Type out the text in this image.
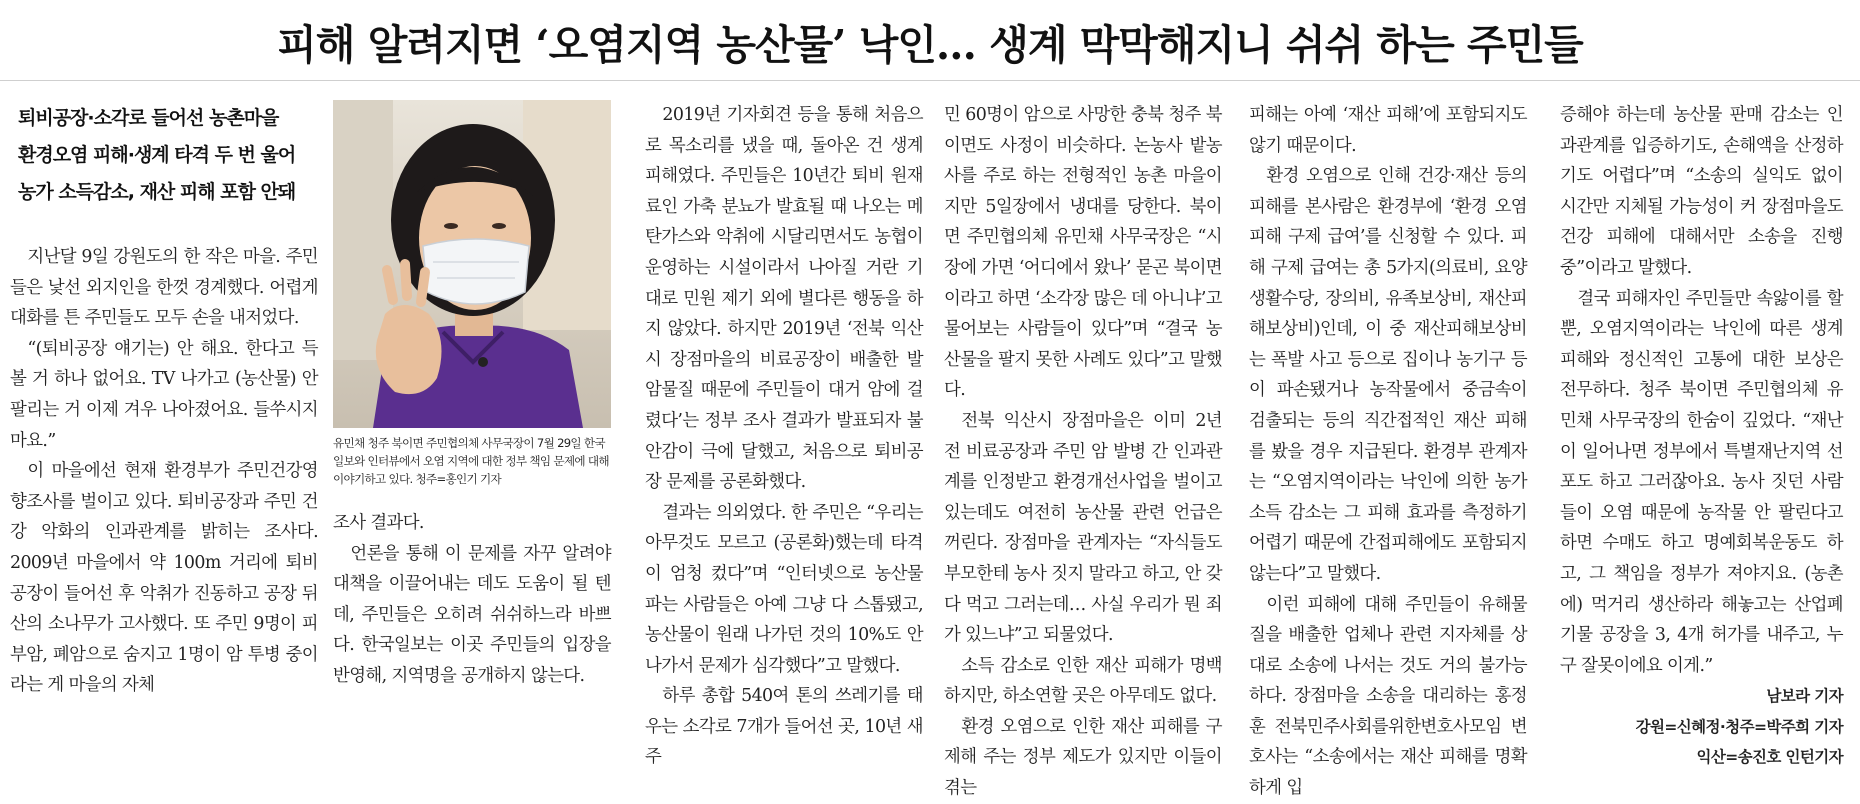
피해 알려지면 ‘오염지역 농산물’ 낙인… 생계 막막해지니 쉬쉬 하는 주민들
퇴비공장·소각로 들어선 농촌마을
환경오염 피해·생계 타격 두 번 울어
농가 소득감소, 재산 피해 포함 안돼

지난달 9일 강원도의 한 작은 마을. 주민들은 낯선 외지인을 한껏 경계했다. 어렵게 대화를 튼 주민들도 모두 손을 내저었다.

“(퇴비공장 얘기는) 안 해요. 한다고 득 볼 거 하나 없어요. TV 나가고 (농산물) 안 팔리는 거 이제 겨우 나아졌어요. 들쑤시지 마요.”

이 마을에선 현재 환경부가 주민건강영향조사를 벌이고 있다. 퇴비공장과 주민 건강 악화의 인과관계를 밝히는 조사다. 2009년 마을에서 약 100m 거리에 퇴비공장이 들어선 후 악취가 진동하고 공장 뒤 산의 소나무가 고사했다. 또 주민 9명이 피부암, 폐암으로 숨지고 1명이 암 투병 중이라는 게 마을의 자체

유민채 청주 북이면 주민협의체 사무국장이 7월 29일 한국일보와 인터뷰에서 오염 지역에 대한 정부 책임 문제에 대해 이야기하고 있다. 청주=홍인기 기자

조사 결과다.

언론을 통해 이 문제를 자꾸 알려야 대책을 이끌어내는 데도 도움이 될 텐데, 주민들은 오히려 쉬쉬하느라 바쁘다. 한국일보는 이곳 주민들의 입장을 반영해, 지역명을 공개하지 않는다.

2019년 기자회견 등을 통해 처음으로 목소리를 냈을 때, 돌아온 건 생계 피해였다. 주민들은 10년간 퇴비 원재료인 가축 분뇨가 발효될 때 나오는 메탄가스와 악취에 시달리면서도 농협이 운영하는 시설이라서 나아질 거란 기대로 민원 제기 외에 별다른 행동을 하지 않았다. 하지만 2019년 ‘전북 익산시 장점마을의 비료공장이 배출한 발암물질 때문에 주민들이 대거 암에 걸렸다’는 정부 조사 결과가 발표되자 불안감이 극에 달했고, 처음으로 퇴비공장 문제를 공론화했다.

결과는 의외였다. 한 주민은 “우리는 아무것도 모르고 (공론화)했는데 타격이 엄청 컸다”며 “인터넷으로 농산물 파는 사람들은 아예 그냥 다 스톱됐고, 농산물이 원래 나가던 것의 10%도 안 나가서 문제가 심각했다”고 말했다.

하루 총합 540여 톤의 쓰레기를 태우는 소각로 7개가 들어선 곳, 10년 새 주

민 60명이 암으로 사망한 충북 청주 북이면도 사정이 비슷하다. 논농사 밭농사를 주로 하는 전형적인 농촌 마을이지만 5일장에서 냉대를 당한다. 북이면 주민협의체 유민채 사무국장은 “시장에 가면 ‘어디에서 왔나’ 묻곤 북이면이라고 하면 ‘소각장 많은 데 아니냐’고 물어보는 사람들이 있다”며 “결국 농산물을 팔지 못한 사례도 있다”고 말했다.

전북 익산시 장점마을은 이미 2년 전 비료공장과 주민 암 발병 간 인과관계를 인정받고 환경개선사업을 벌이고 있는데도 여전히 농산물 관련 언급은 꺼린다. 장점마을 관계자는 “자식들도 부모한테 농사 짓지 말라고 하고, 안 갖다 먹고 그러는데… 사실 우리가 뭔 죄가 있느냐”고 되물었다.

소득 감소로 인한 재산 피해가 명백하지만, 하소연할 곳은 아무데도 없다.

환경 오염으로 인한 재산 피해를 구제해 주는 정부 제도가 있지만 이들이 겪는

피해는 아예 ‘재산 피해’에 포함되지도 않기 때문이다.

환경 오염으로 인해 건강·재산 등의 피해를 본사람은 환경부에 ‘환경 오염 피해 구제 급여’를 신청할 수 있다. 피해 구제 급여는 총 5가지(의료비, 요양생활수당, 장의비, 유족보상비, 재산피해보상비)인데, 이 중 재산피해보상비는 폭발 사고 등으로 집이나 농기구 등이 파손됐거나 농작물에서 중금속이 검출되는 등의 직간접적인 재산 피해를 봤을 경우 지급된다. 환경부 관계자는 “오염지역이라는 낙인에 의한 농가 소득 감소는 그 피해 효과를 측정하기 어렵기 때문에 간접피해에도 포함되지 않는다”고 말했다.

이런 피해에 대해 주민들이 유해물질을 배출한 업체나 관련 지자체를 상대로 소송에 나서는 것도 거의 불가능하다. 장점마을 소송을 대리하는 홍정훈 전북민주사회를위한변호사모임 변호사는 “소송에서는 재산 피해를 명확하게 입

증해야 하는데 농산물 판매 감소는 인과관계를 입증하기도, 손해액을 산정하기도 어렵다”며 “소송의 실익도 없이 시간만 지체될 가능성이 커 장점마을도 건강 피해에 대해서만 소송을 진행 중”이라고 말했다.

결국 피해자인 주민들만 속앓이를 할 뿐, 오염지역이라는 낙인에 따른 생계 피해와 정신적인 고통에 대한 보상은 전무하다. 청주 북이면 주민협의체 유민채 사무국장의 한숨이 깊었다. “재난이 일어나면 정부에서 특별재난지역 선포도 하고 그러잖아요. 농사 짓던 사람들이 오염 때문에 농작물 안 팔린다고 하면 수매도 하고 명예회복운동도 하고, 그 책임을 정부가 져야지요. (농촌에) 먹거리 생산하라 해놓고는 산업폐기물 공장을 3, 4개 허가를 내주고, 누구 잘못이에요 이게.”

남보라 기자
강원=신혜정·청주=박주희 기자
익산=송진호 인턴기자
